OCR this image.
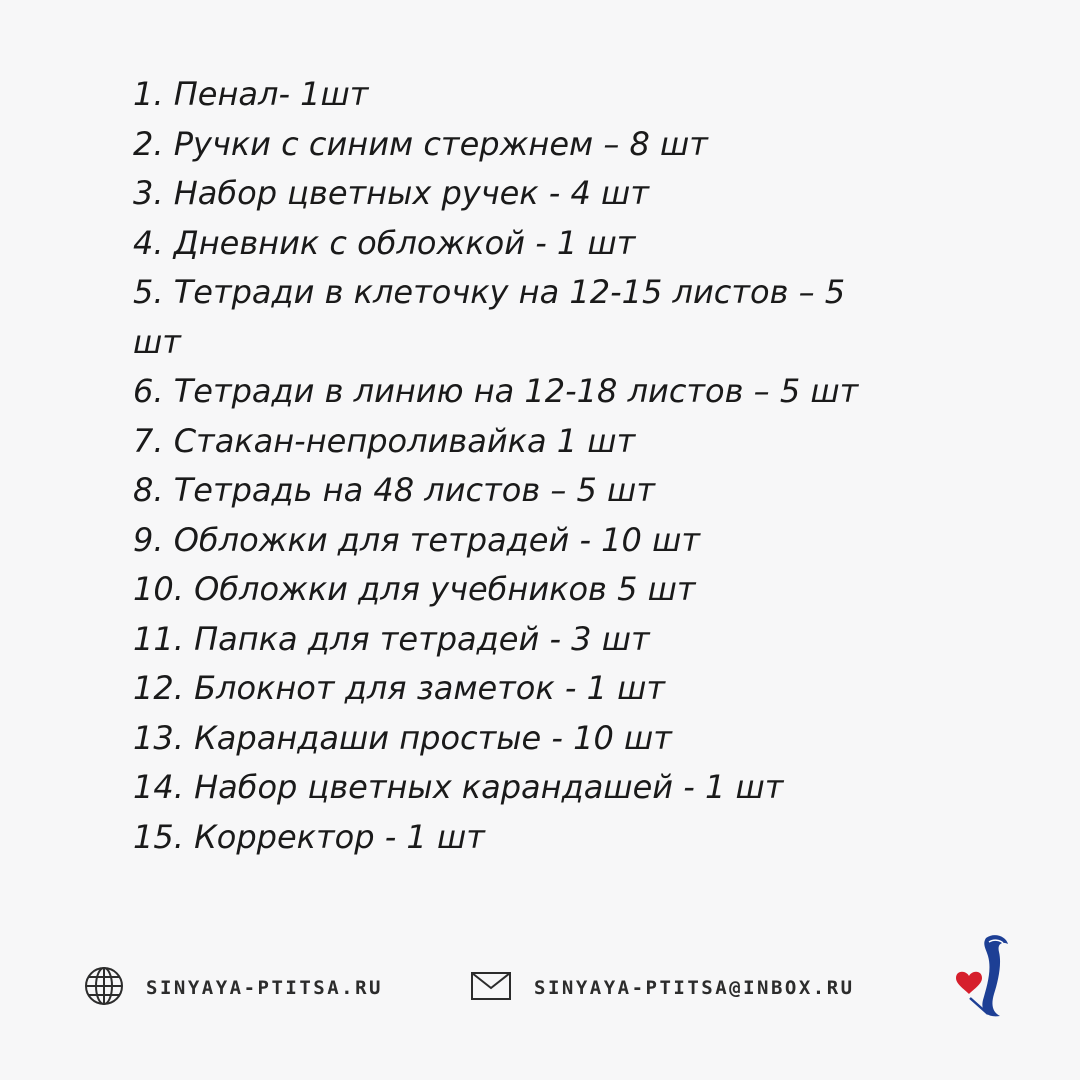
1. Пенал- 1шт
2. Ручки с синим стержнем – 8 шт
3. Набор цветных ручек - 4 шт
4. Дневник с обложкой - 1 шт
5. Тетради в клеточку на 12-15 листов – 5 шт
6. Тетради в линию на 12-18 листов – 5 шт
7. Стакан-непроливайка 1 шт
8. Тетрадь на 48 листов – 5 шт
9. Обложки для тетрадей - 10 шт
10. Обложки для учебников 5 шт
11. Папка для тетрадей - 3 шт
12. Блокнот для заметок - 1 шт
13. Карандаши простые - 10 шт
14. Набор цветных карандашей - 1 шт
15. Корректор - 1 шт
SINYAYA-PTITSA.RU	SINYAYA-PTITSA@INBOX.RU
